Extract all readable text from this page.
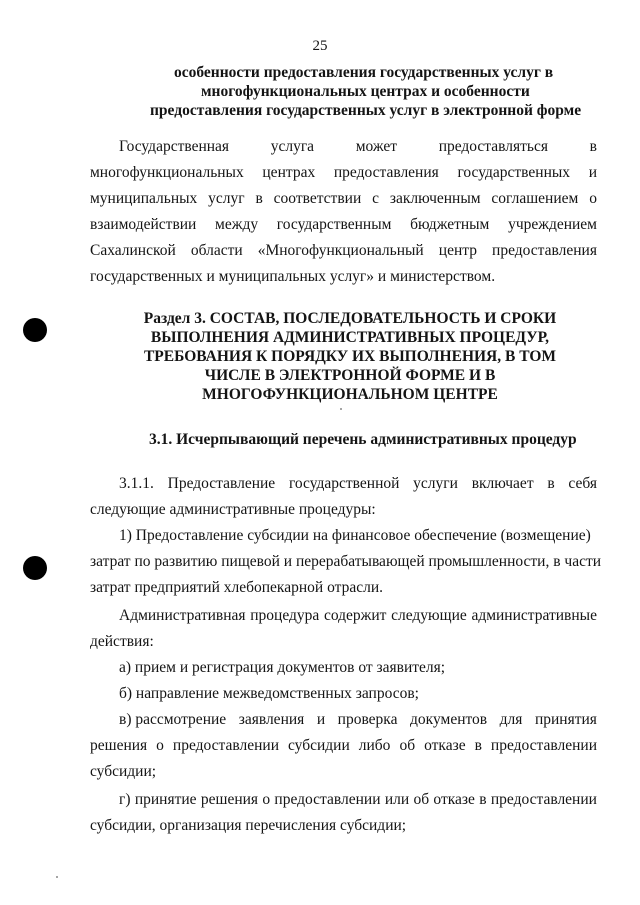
25
особенности предоставления государственных услуг в
многофункциональных центрах и особенности
предоставления государственных услуг в электронной форме
Государственная	услуга	может	предоставляться	в
многофункциональных центрах предоставления государственных и
муниципальных услуг в соответствии с заключенным соглашением о
взаимодействии между государственным бюджетным учреждением
Сахалинской области «Многофункциональный центр предоставления
государственных и муниципальных услуг» и министерством.
Раздел 3. СОСТАВ, ПОСЛЕДОВАТЕЛЬНОСТЬ И СРОКИ
ВЫПОЛНЕНИЯ АДМИНИСТРАТИВНЫХ ПРОЦЕДУР,
ТРЕБОВАНИЯ К ПОРЯДКУ ИХ ВЫПОЛНЕНИЯ, В ТОМ
ЧИСЛЕ В ЭЛЕКТРОННОЙ ФОРМЕ И В
МНОГОФУНКЦИОНАЛЬНОМ ЦЕНТРЕ
3.1. Исчерпывающий перечень административных процедур
3.1.1. Предоставление государственной услуги включает в себя
следующие административные процедуры:
1) Предоставление субсидии на финансовое обеспечение (возмещение)
затрат по развитию пищевой и перерабатывающей промышленности, в части
затрат предприятий хлебопекарной отрасли.
Административная процедура содержит следующие административные
действия:
а) прием и регистрация документов от заявителя;
б) направление межведомственных запросов;
в) рассмотрение заявления и проверка документов для принятия
решения о предоставлении субсидии либо об отказе в предоставлении
субсидии;
г) принятие решения о предоставлении или об отказе в предоставлении
субсидии, организация перечисления субсидии;
